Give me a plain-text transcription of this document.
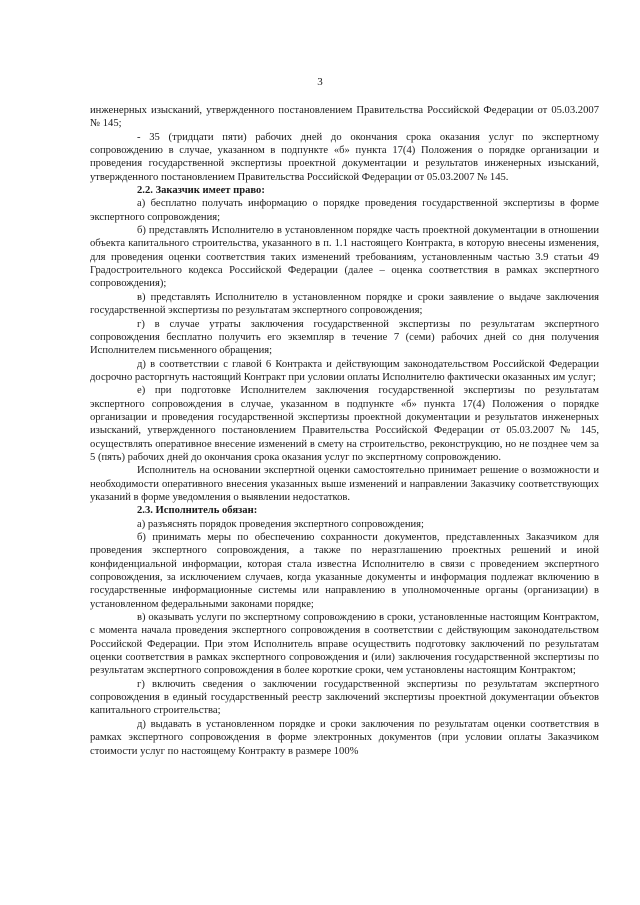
3

инженерных изысканий, утвержденного постановлением Правительства Российской Федерации от 05.03.2007 № 145;

- 35 (тридцати пяти) рабочих дней до окончания срока оказания услуг по экспертному сопровождению в случае, указанном в подпункте «б» пункта 17(4) Положения о порядке организации и проведения государственной экспертизы проектной документации и результатов инженерных изысканий, утвержденного постановлением Правительства Российской Федерации от 05.03.2007 № 145.

2.2. Заказчик имеет право:

а) бесплатно получать информацию о порядке проведения государственной экспертизы в форме экспертного сопровождения;

б) представлять Исполнителю в установленном порядке часть проектной документации в отношении объекта капитального строительства, указанного в п. 1.1 настоящего Контракта, в которую внесены изменения, для проведения оценки соответствия таких изменений требованиям, установленным частью 3.9 статьи 49 Градостроительного кодекса Российской Федерации (далее – оценка соответствия в рамках экспертного сопровождения);

в) представлять Исполнителю в установленном порядке и сроки заявление о выдаче заключения государственной экспертизы по результатам экспертного сопровождения;

г) в случае утраты заключения государственной экспертизы по результатам экспертного сопровождения бесплатно получить его экземпляр в течение 7 (семи) рабочих дней со дня получения Исполнителем письменного обращения;

д) в соответствии с главой 6 Контракта и действующим законодательством Российской Федерации досрочно расторгнуть настоящий Контракт при условии оплаты Исполнителю фактически оказанных им услуг;

е) при подготовке Исполнителем заключения государственной экспертизы по результатам экспертного сопровождения в случае, указанном в подпункте «б» пункта 17(4) Положения о порядке организации и проведения государственной экспертизы проектной документации и результатов инженерных изысканий, утвержденного постановлением Правительства Российской Федерации от 05.03.2007 № 145, осуществлять оперативное внесение изменений в смету на строительство, реконструкцию, но не позднее чем за 5 (пять) рабочих дней до окончания срока оказания услуг по экспертному сопровождению.

Исполнитель на основании экспертной оценки самостоятельно принимает решение о возможности и необходимости оперативного внесения указанных выше изменений и направлении Заказчику соответствующих указаний в форме уведомления о выявлении недостатков.

2.3. Исполнитель обязан:

а) разъяснять порядок проведения экспертного сопровождения;

б) принимать меры по обеспечению сохранности документов, представленных Заказчиком для проведения экспертного сопровождения, а также по неразглашению проектных решений и иной конфиденциальной информации, которая стала известна Исполнителю в связи с проведением экспертного сопровождения, за исключением случаев, когда указанные документы и информация подлежат включению в государственные информационные системы или направлению в уполномоченные органы (организации) в установленном федеральными законами порядке;

в) оказывать услуги по экспертному сопровождению в сроки, установленные настоящим Контрактом, с момента начала проведения экспертного сопровождения в соответствии с действующим законодательством Российской Федерации. При этом Исполнитель вправе осуществить подготовку заключений по результатам оценки соответствия в рамках экспертного сопровождения и (или) заключения государственной экспертизы по результатам экспертного сопровождения в более короткие сроки, чем установлены настоящим Контрактом;

г) включить сведения о заключении государственной экспертизы по результатам экспертного сопровождения в единый государственный реестр заключений экспертизы проектной документации объектов капитального строительства;

д) выдавать в установленном порядке и сроки заключения по результатам оценки соответствия в рамках экспертного сопровождения в форме электронных документов (при условии оплаты Заказчиком стоимости услуг по настоящему Контракту в размере 100%
